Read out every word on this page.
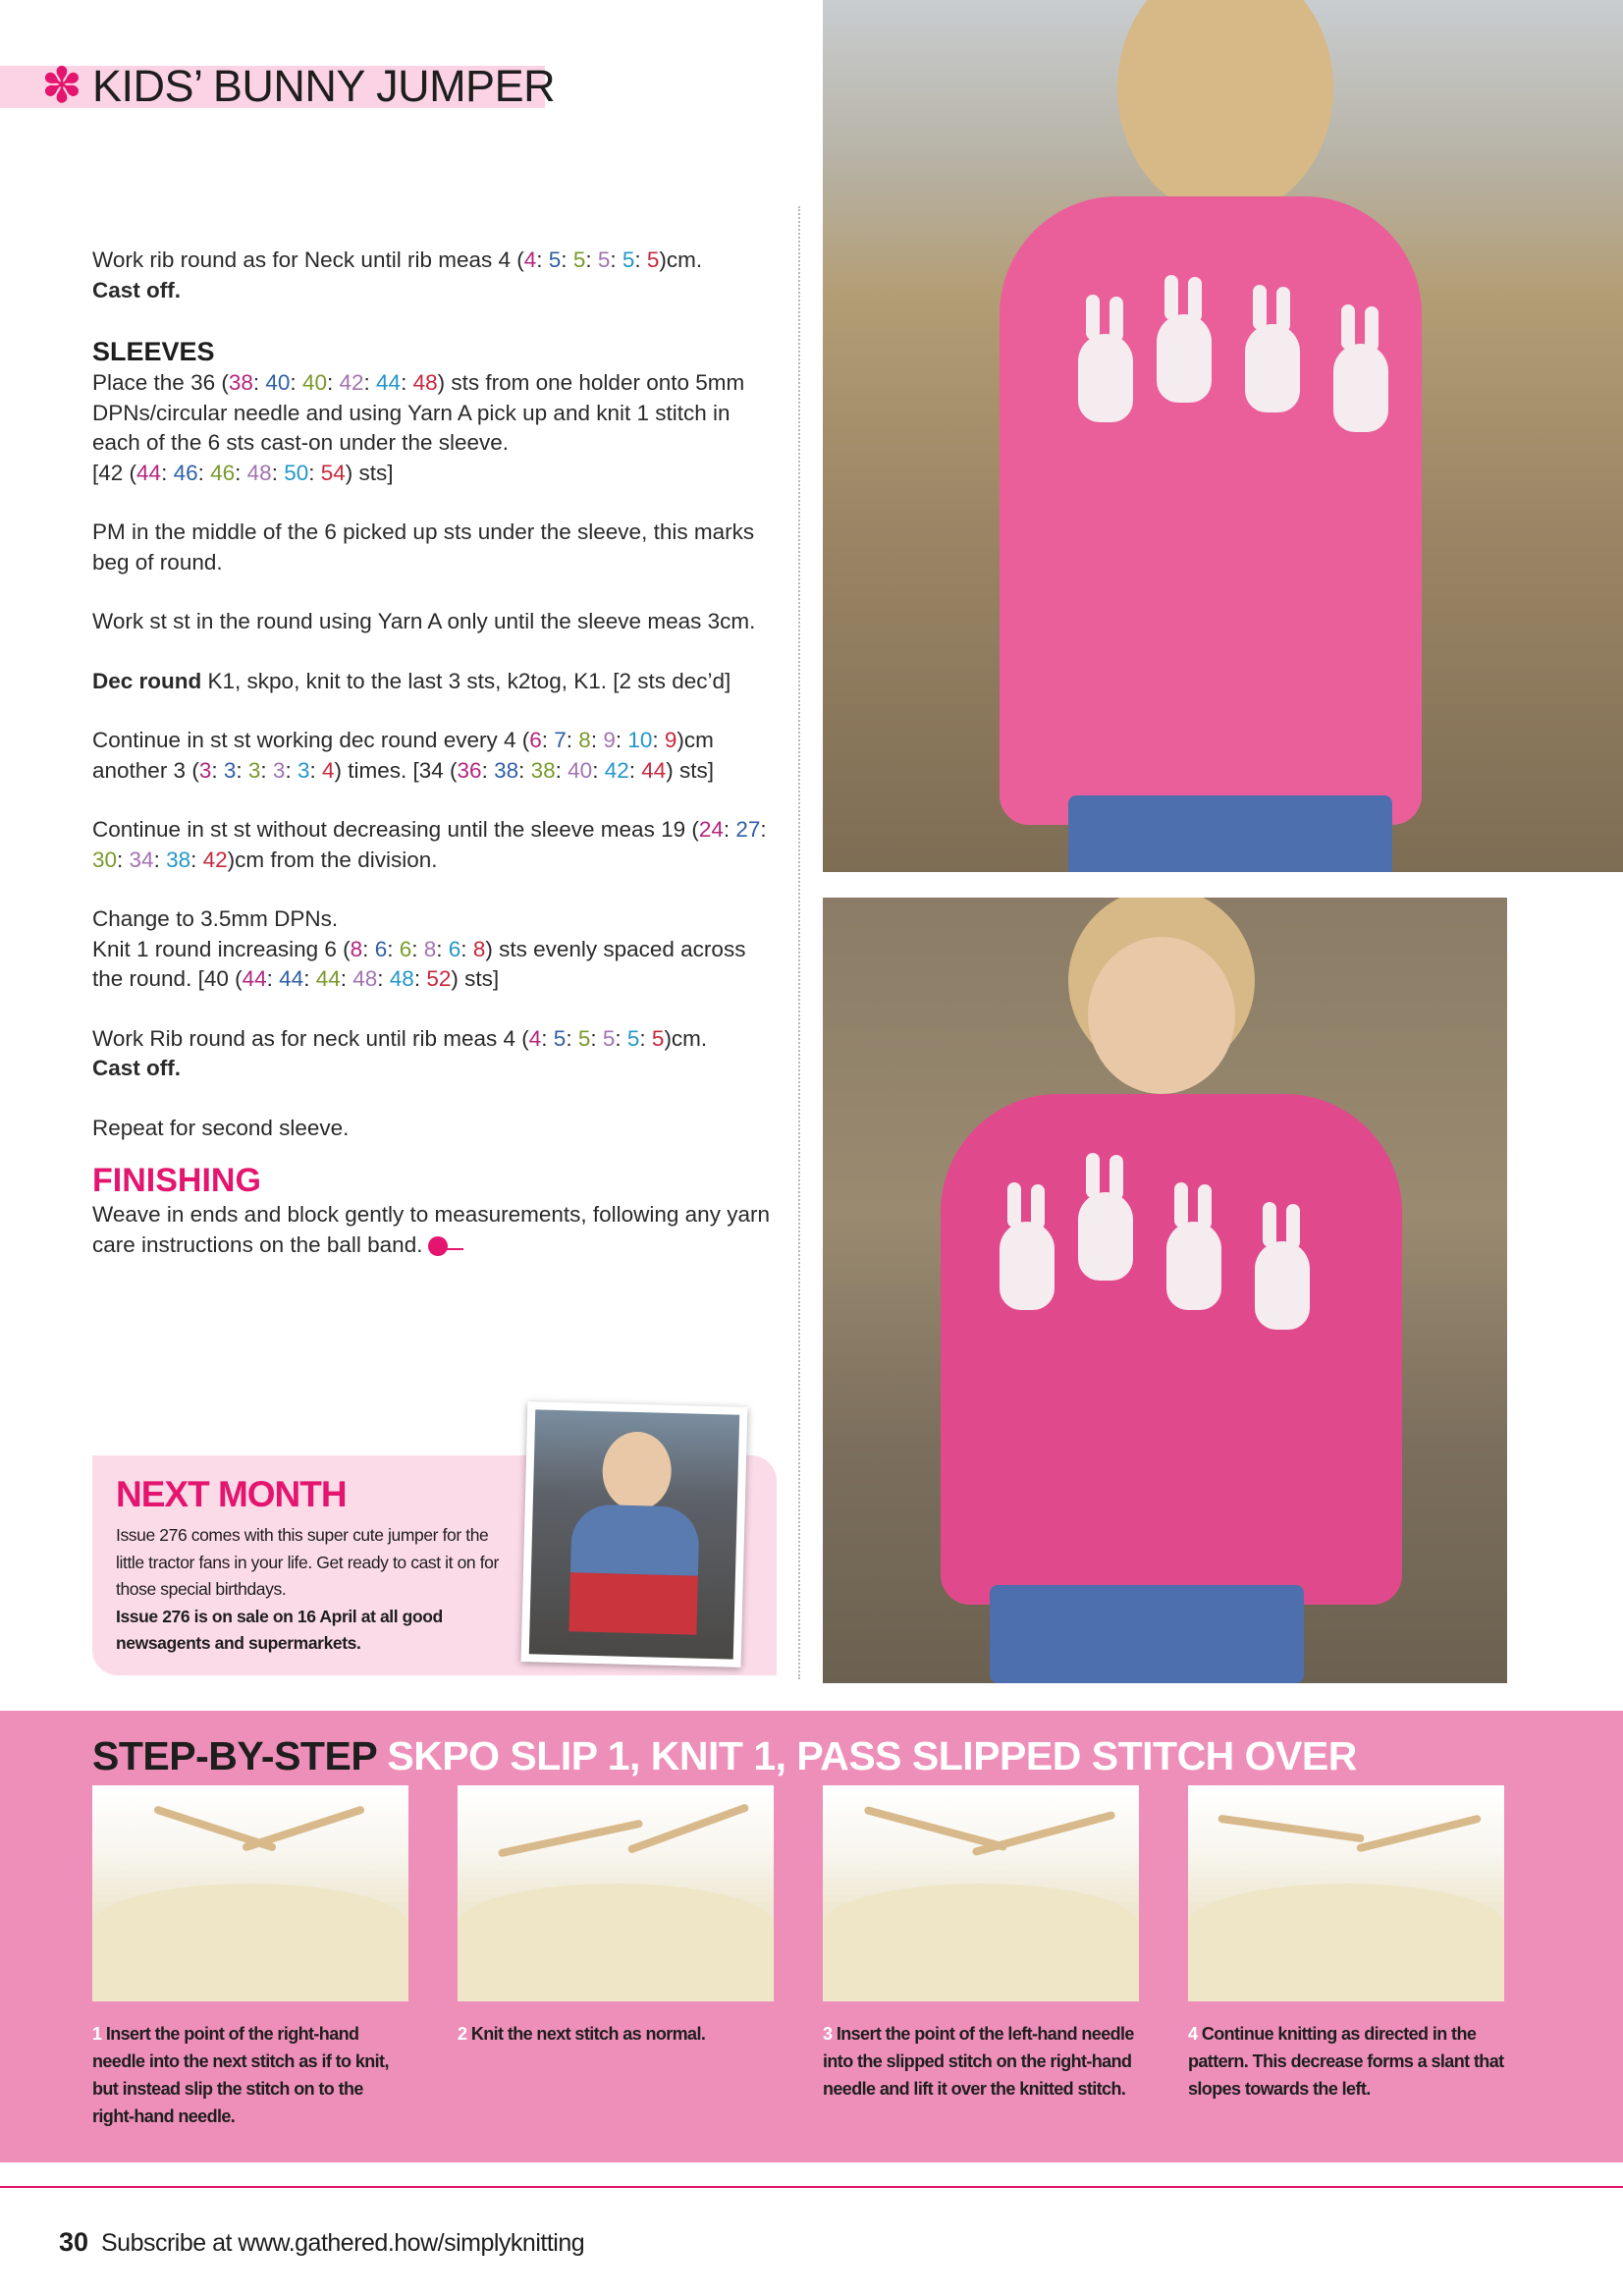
✽ KIDS’ BUNNY JUMPER

Work rib round as for Neck until rib meas 4 (4: 5: 5: 5: 5: 5)cm.

Cast off.

SLEEVES

Place the 36 (38: 40: 40: 42: 44: 48) sts from one holder onto 5mm DPNs/circular needle and using Yarn A pick up and knit 1 stitch in each of the 6 sts cast-on under the sleeve.

[42 (44: 46: 46: 48: 50: 54) sts]

PM in the middle of the 6 picked up sts under the sleeve, this marks beg of round.

Work st st in the round using Yarn A only until the sleeve meas 3cm.

Dec round K1, skpo, knit to the last 3 sts, k2tog, K1. [2 sts dec’d]

Continue in st st working dec round every 4 (6: 7: 8: 9: 10: 9)cm another 3 (3: 3: 3: 3: 3: 4) times. [34 (36: 38: 38: 40: 42: 44) sts]

Continue in st st without decreasing until the sleeve meas 19 (24: 27: 30: 34: 38: 42)cm from the division.

Change to 3.5mm DPNs.

Knit 1 round increasing 6 (8: 6: 6: 8: 6: 8) sts evenly spaced across the round. [40 (44: 44: 44: 48: 48: 52) sts]

Work Rib round as for neck until rib meas 4 (4: 5: 5: 5: 5: 5)cm.

Cast off.

Repeat for second sleeve.

FINISHING

Weave in ends and block gently to measurements, following any yarn care instructions on the ball band.

NEXT MONTH
Issue 276 comes with this super cute jumper for the little tractor fans in your life. Get ready to cast it on for those special birthdays.
Issue 276 is on sale on 16 April at all good newsagents and supermarkets.
STEP-BY-STEP SKPO SLIP 1, KNIT 1, PASS SLIPPED STITCH OVER
1 Insert the point of the right-hand needle into the next stitch as if to knit, but instead slip the stitch on to the right-hand needle.
2 Knit the next stitch as normal.	3 Insert the point of the left-hand needle into the slipped stitch on the right-hand needle and lift it over the knitted stitch.
4 Continue knitting as directed in the pattern. This decrease forms a slant that slopes towards the left.
30 Subscribe at www.gathered.how/simplyknitting
